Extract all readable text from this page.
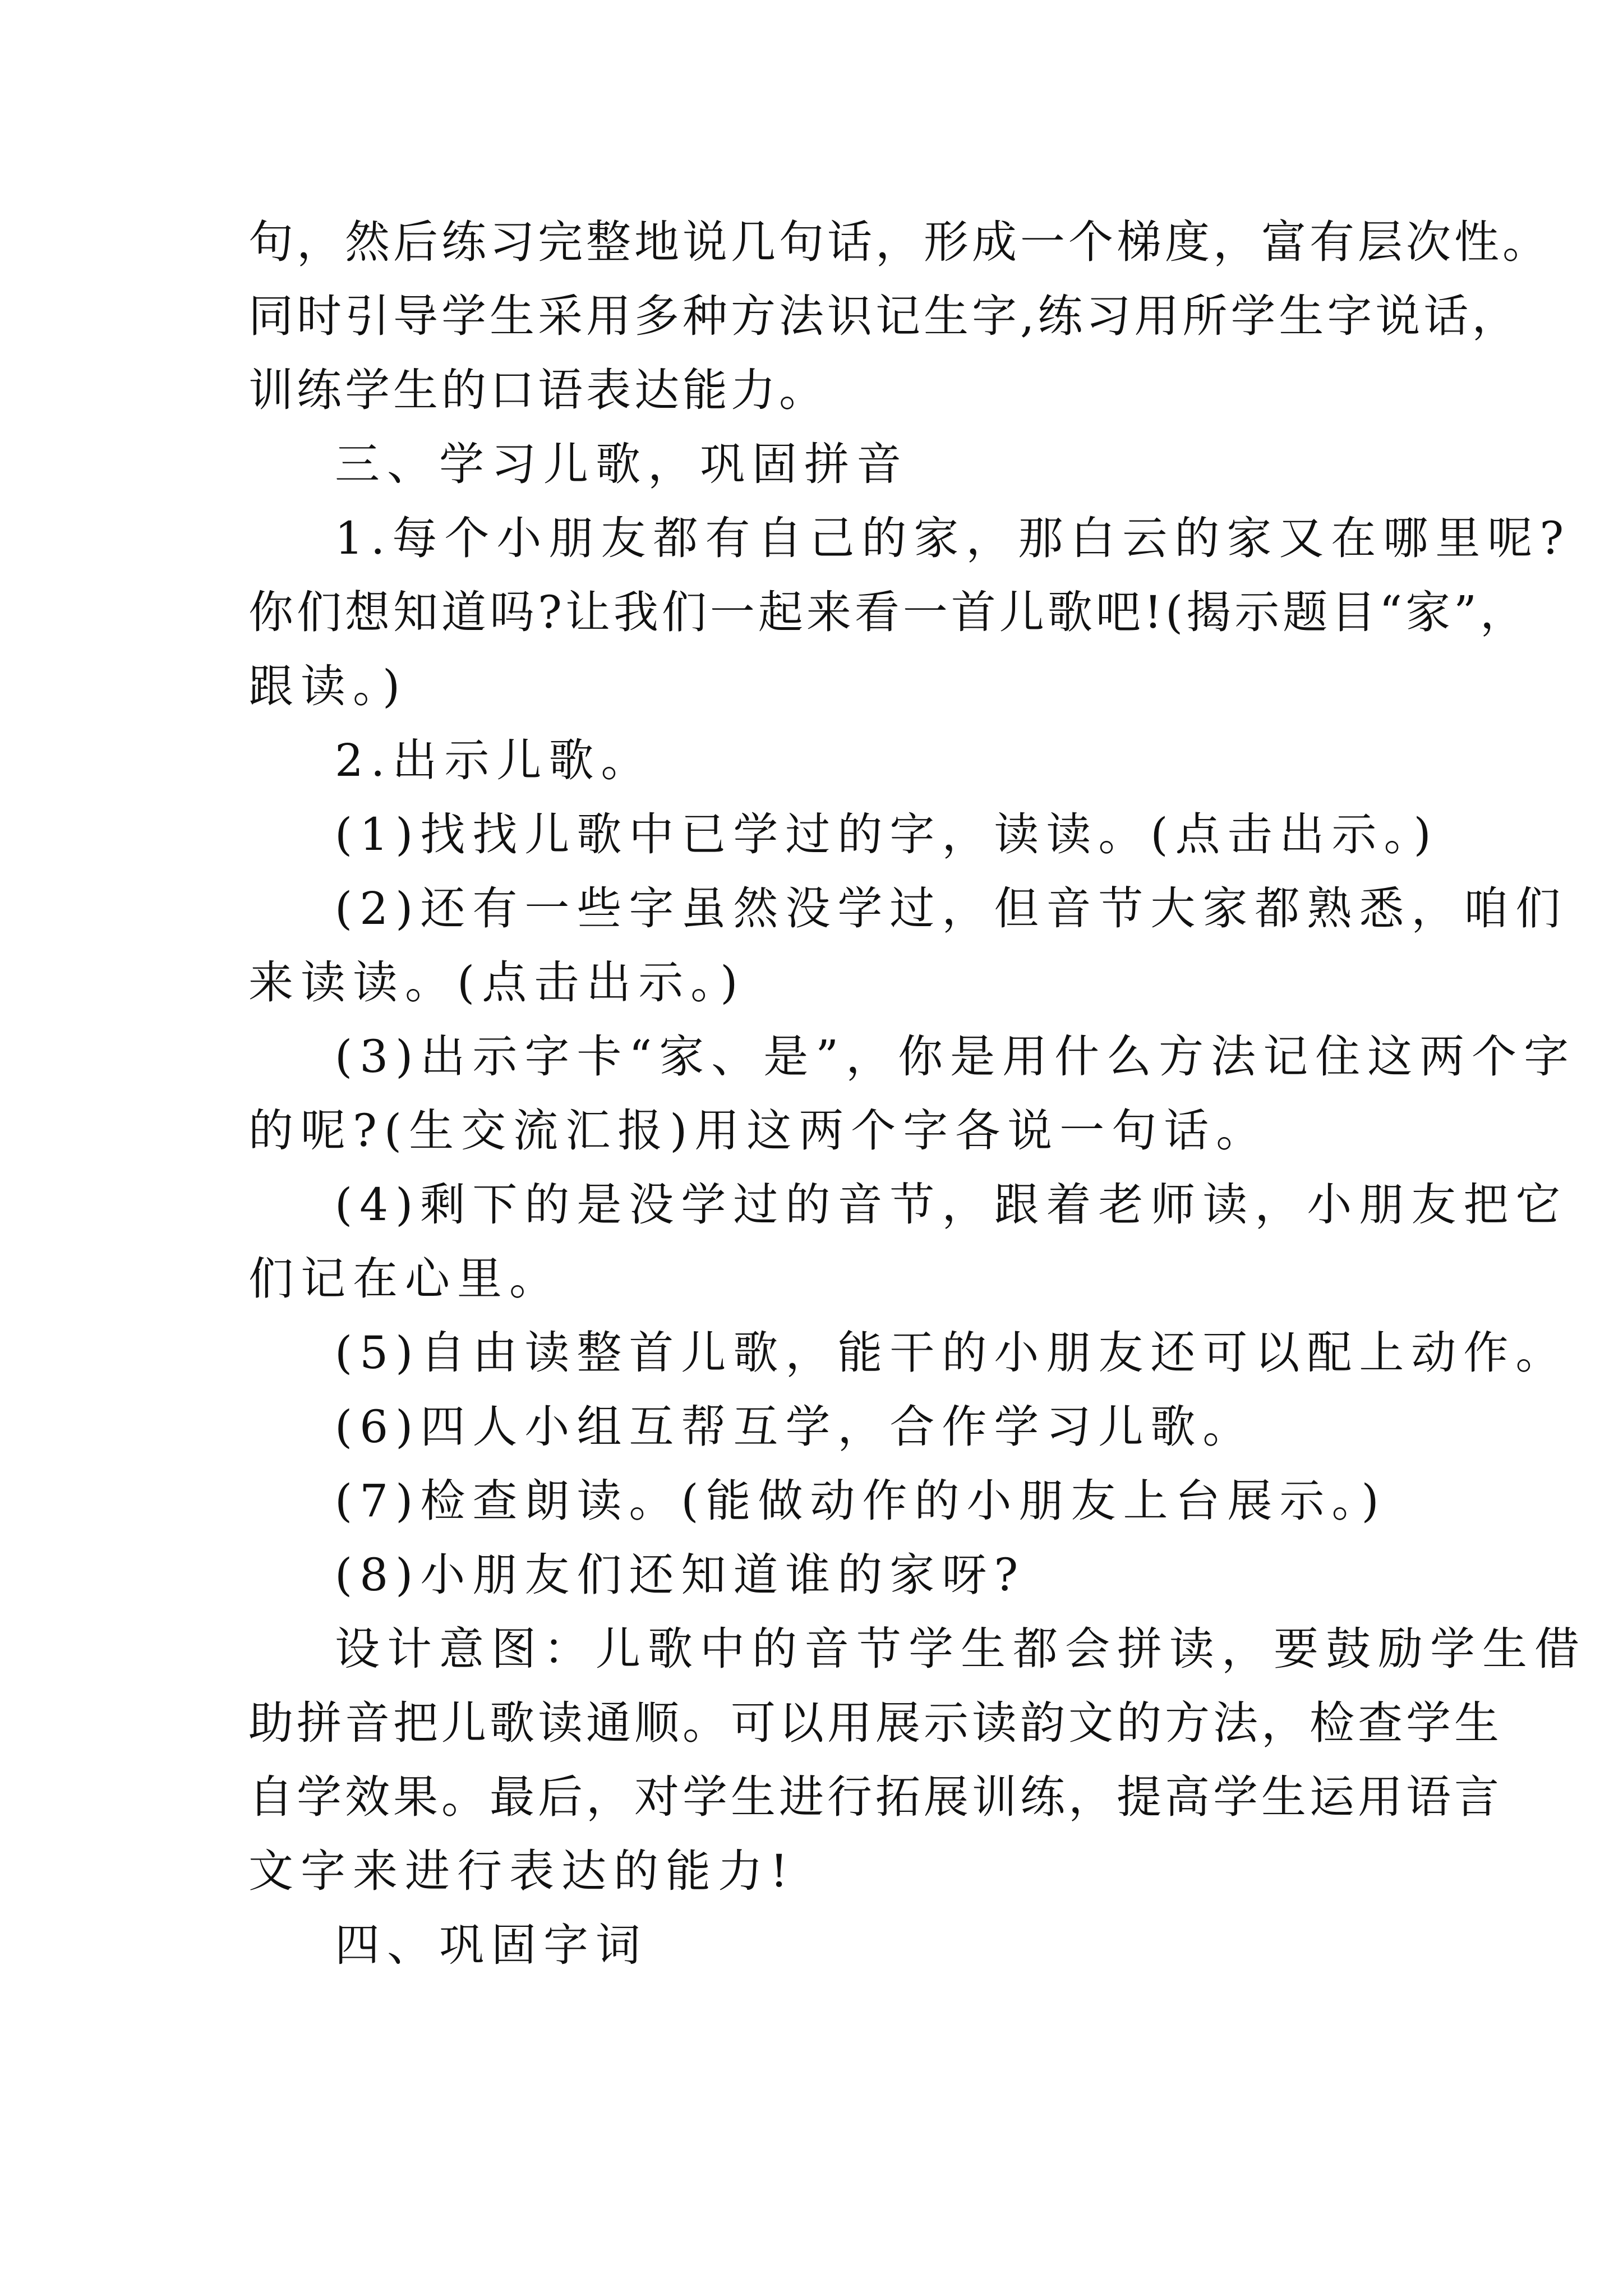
句，然后练习完整地说几句话，形成一个梯度，富有层次性。
同时引导学生采用多种方法识记生字,练习用所学生字说话，
训练学生的口语表达能力。
三、学习儿歌，巩固拼音
1.每个小朋友都有自己的家，那白云的家又在哪里呢?
你们想知道吗?让我们一起来看一首儿歌吧!(揭示题目“家”，
跟读。)
2.出示儿歌。
(1)找找儿歌中已学过的字，读读。(点击出示。)
(2)还有一些字虽然没学过，但音节大家都熟悉，咱们
来读读。(点击出示。)
(3)出示字卡“家、是”，你是用什么方法记住这两个字
的呢?(生交流汇报)用这两个字各说一句话。
(4)剩下的是没学过的音节，跟着老师读，小朋友把它
们记在心里。
(5)自由读整首儿歌，能干的小朋友还可以配上动作。
(6)四人小组互帮互学，合作学习儿歌。
(7)检查朗读。(能做动作的小朋友上台展示。)
(8)小朋友们还知道谁的家呀?
设计意图：儿歌中的音节学生都会拼读，要鼓励学生借
助拼音把儿歌读通顺。可以用展示读韵文的方法，检查学生
自学效果。最后，对学生进行拓展训练，提高学生运用语言
文字来进行表达的能力!
四、巩固字词
